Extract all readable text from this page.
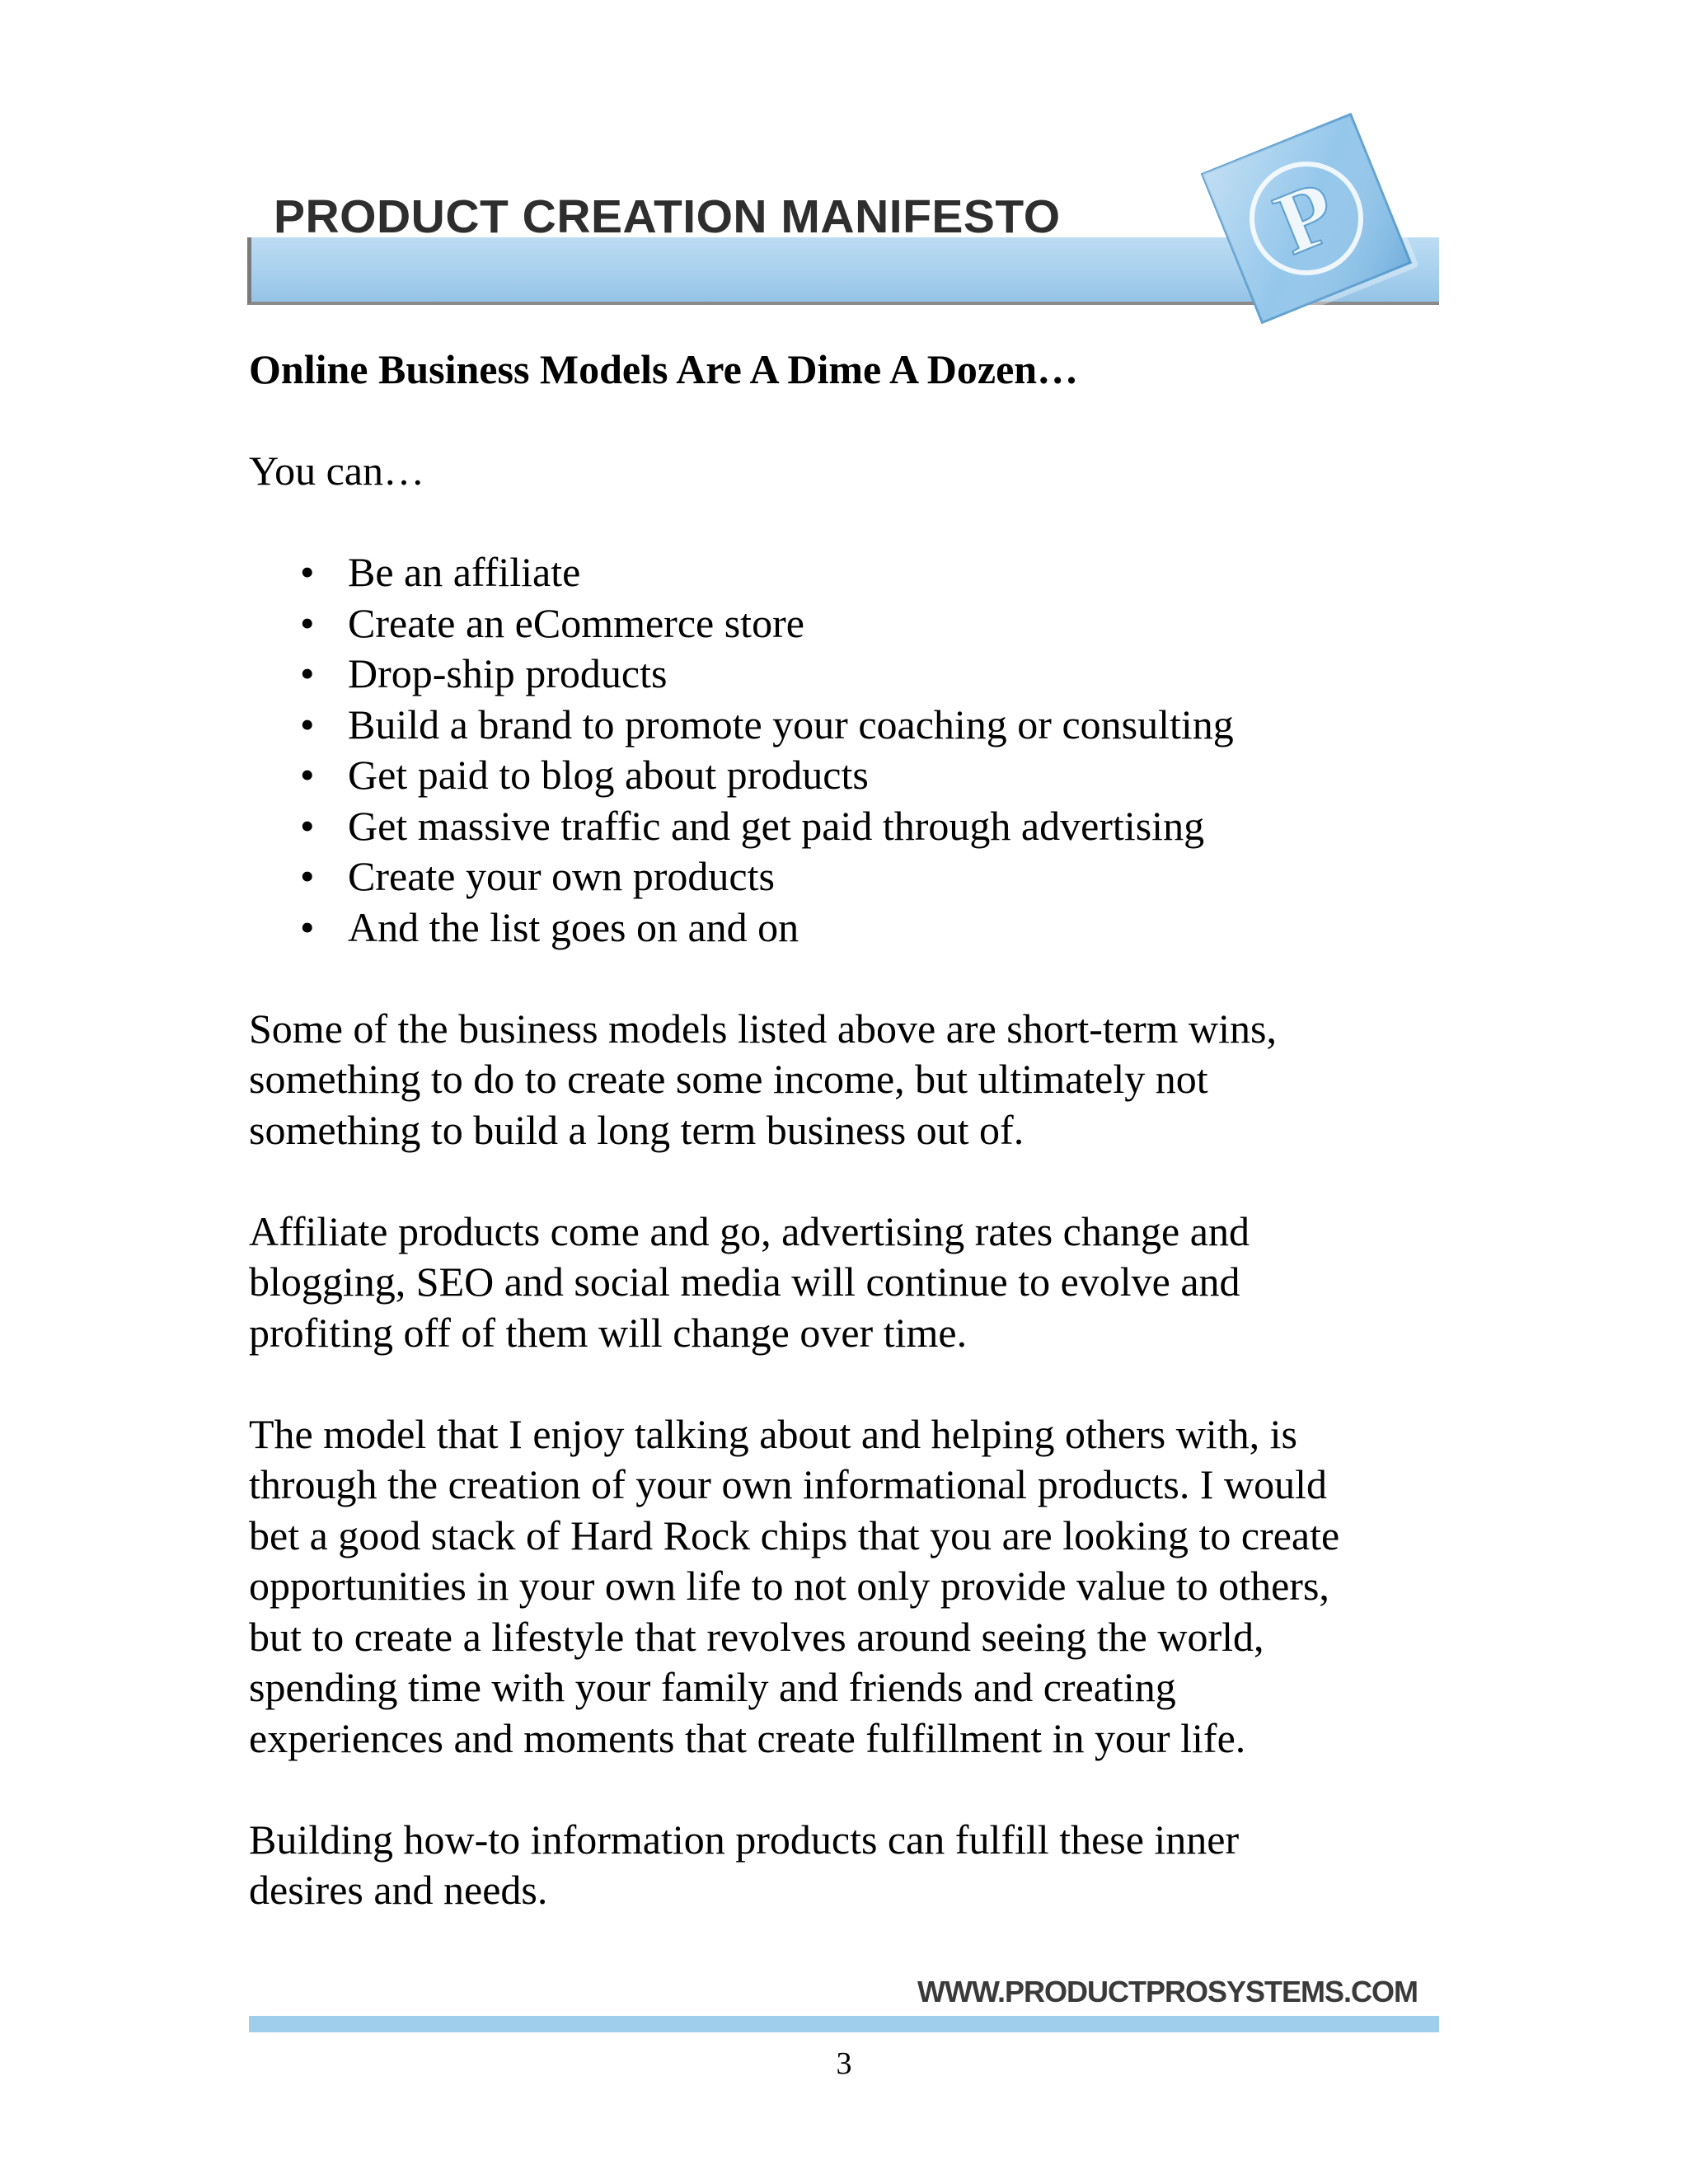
PRODUCT CREATION MANIFESTO P

Online Business Models Are A Dime A Dozen…

You can…

• Be an affiliate
• Create an eCommerce store
• Drop-ship products
• Build a brand to promote your coaching or consulting
• Get paid to blog about products
• Get massive traffic and get paid through advertising
• Create your own products
• And the list goes on and on

Some of the business models listed above are short-term wins,
something to do to create some income, but ultimately not
something to build a long term business out of.

Affiliate products come and go, advertising rates change and
blogging, SEO and social media will continue to evolve and
profiting off of them will change over time.

The model that I enjoy talking about and helping others with, is
through the creation of your own informational products. I would
bet a good stack of Hard Rock chips that you are looking to create
opportunities in your own life to not only provide value to others,
but to create a lifestyle that revolves around seeing the world,
spending time with your family and friends and creating
experiences and moments that create fulfillment in your life.

Building how-to information products can fulfill these inner
desires and needs.

WWW.PRODUCTPROSYSTEMS.COM
3
